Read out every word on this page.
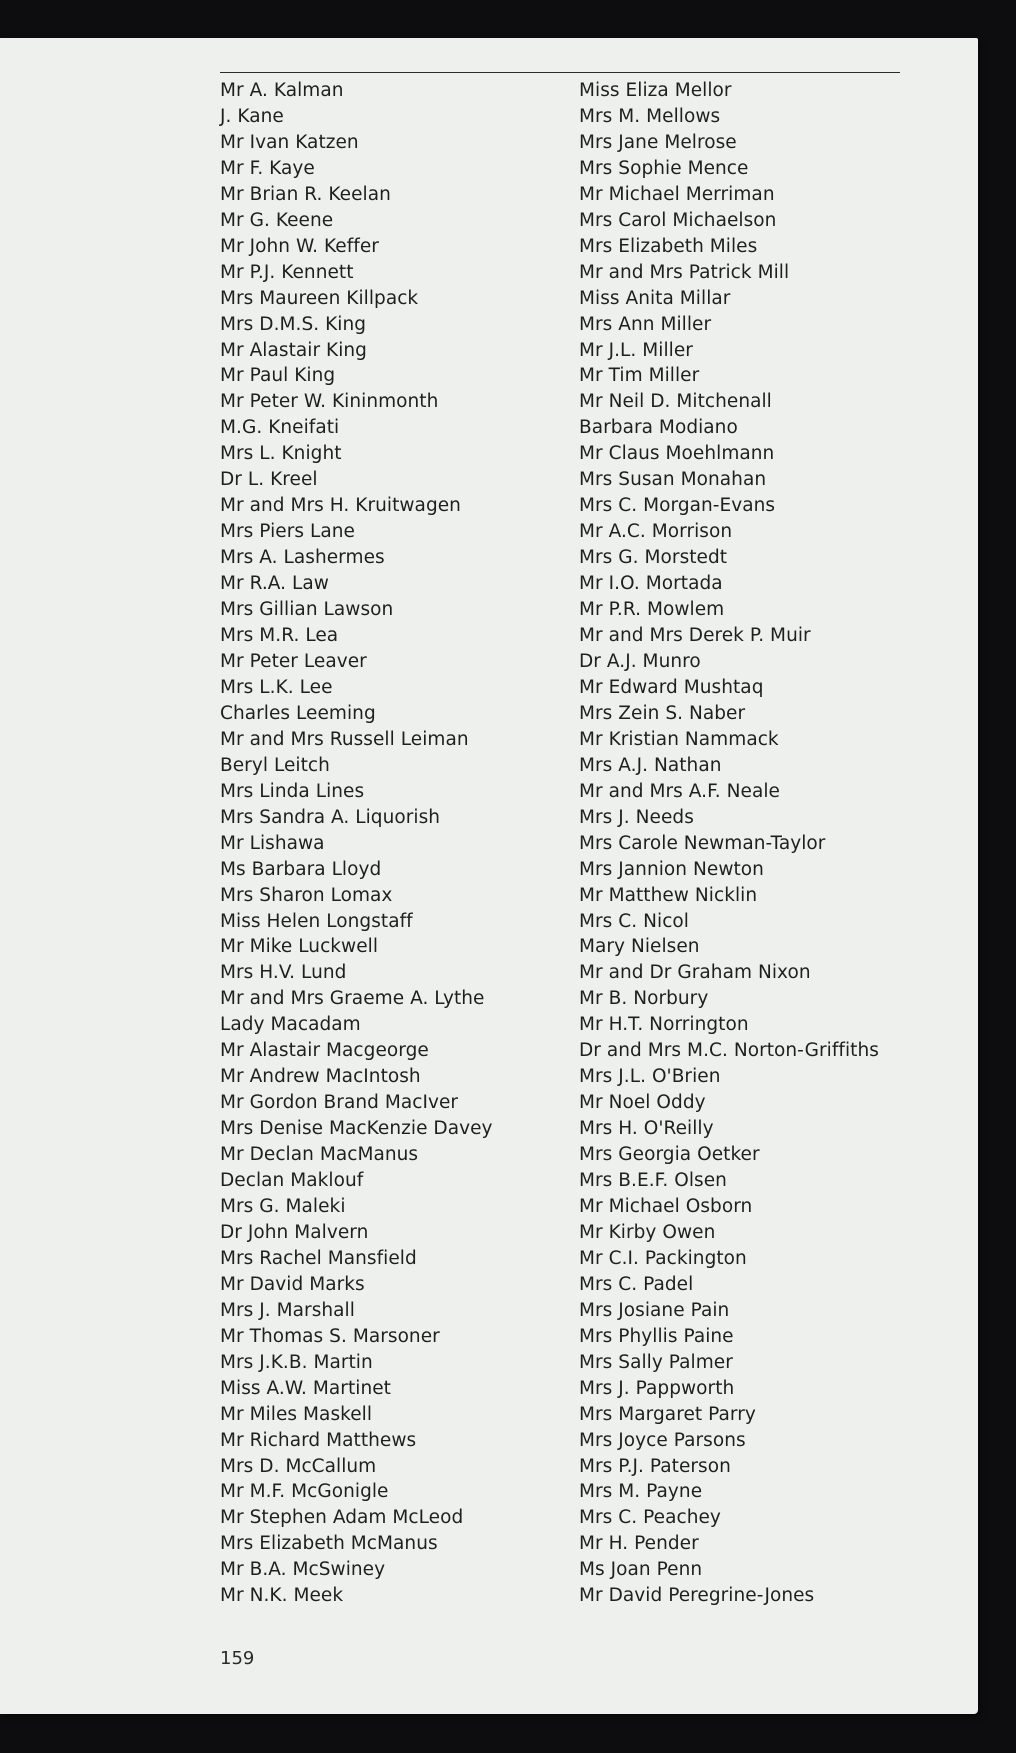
Mr A. Kalman
J. Kane
Mr Ivan Katzen
Mr F. Kaye
Mr Brian R. Keelan
Mr G. Keene
Mr John W. Keffer
Mr P.J. Kennett
Mrs Maureen Killpack
Mrs D.M.S. King
Mr Alastair King
Mr Paul King
Mr Peter W. Kininmonth
M.G. Kneifati
Mrs L. Knight
Dr L. Kreel
Mr and Mrs H. Kruitwagen
Mrs Piers Lane
Mrs A. Lashermes
Mr R.A. Law
Mrs Gillian Lawson
Mrs M.R. Lea
Mr Peter Leaver
Mrs L.K. Lee
Charles Leeming
Mr and Mrs Russell Leiman
Beryl Leitch
Mrs Linda Lines
Mrs Sandra A. Liquorish
Mr Lishawa
Ms Barbara Lloyd
Mrs Sharon Lomax
Miss Helen Longstaff
Mr Mike Luckwell
Mrs H.V. Lund
Mr and Mrs Graeme A. Lythe
Lady Macadam
Mr Alastair Macgeorge
Mr Andrew MacIntosh
Mr Gordon Brand MacIver
Mrs Denise MacKenzie Davey
Mr Declan MacManus
Declan Maklouf
Mrs G. Maleki
Dr John Malvern
Mrs Rachel Mansfield
Mr David Marks
Mrs J. Marshall
Mr Thomas S. Marsoner
Mrs J.K.B. Martin
Miss A.W. Martinet
Mr Miles Maskell
Mr Richard Matthews
Mrs D. McCallum
Mr M.F. McGonigle
Mr Stephen Adam McLeod
Mrs Elizabeth McManus
Mr B.A. McSwiney
Mr N.K. Meek
Miss Eliza Mellor
Mrs M. Mellows
Mrs Jane Melrose
Mrs Sophie Mence
Mr Michael Merriman
Mrs Carol Michaelson
Mrs Elizabeth Miles
Mr and Mrs Patrick Mill
Miss Anita Millar
Mrs Ann Miller
Mr J.L. Miller
Mr Tim Miller
Mr Neil D. Mitchenall
Barbara Modiano
Mr Claus Moehlmann
Mrs Susan Monahan
Mrs C. Morgan-Evans
Mr A.C. Morrison
Mrs G. Morstedt
Mr I.O. Mortada
Mr P.R. Mowlem
Mr and Mrs Derek P. Muir
Dr A.J. Munro
Mr Edward Mushtaq
Mrs Zein S. Naber
Mr Kristian Nammack
Mrs A.J. Nathan
Mr and Mrs A.F. Neale
Mrs J. Needs
Mrs Carole Newman-Taylor
Mrs Jannion Newton
Mr Matthew Nicklin
Mrs C. Nicol
Mary Nielsen
Mr and Dr Graham Nixon
Mr B. Norbury
Mr H.T. Norrington
Dr and Mrs M.C. Norton-Griffiths
Mrs J.L. O'Brien
Mr Noel Oddy
Mrs H. O'Reilly
Mrs Georgia Oetker
Mrs B.E.F. Olsen
Mr Michael Osborn
Mr Kirby Owen
Mr C.I. Packington
Mrs C. Padel
Mrs Josiane Pain
Mrs Phyllis Paine
Mrs Sally Palmer
Mrs J. Pappworth
Mrs Margaret Parry
Mrs Joyce Parsons
Mrs P.J. Paterson
Mrs M. Payne
Mrs C. Peachey
Mr H. Pender
Ms Joan Penn
Mr David Peregrine-Jones
159
